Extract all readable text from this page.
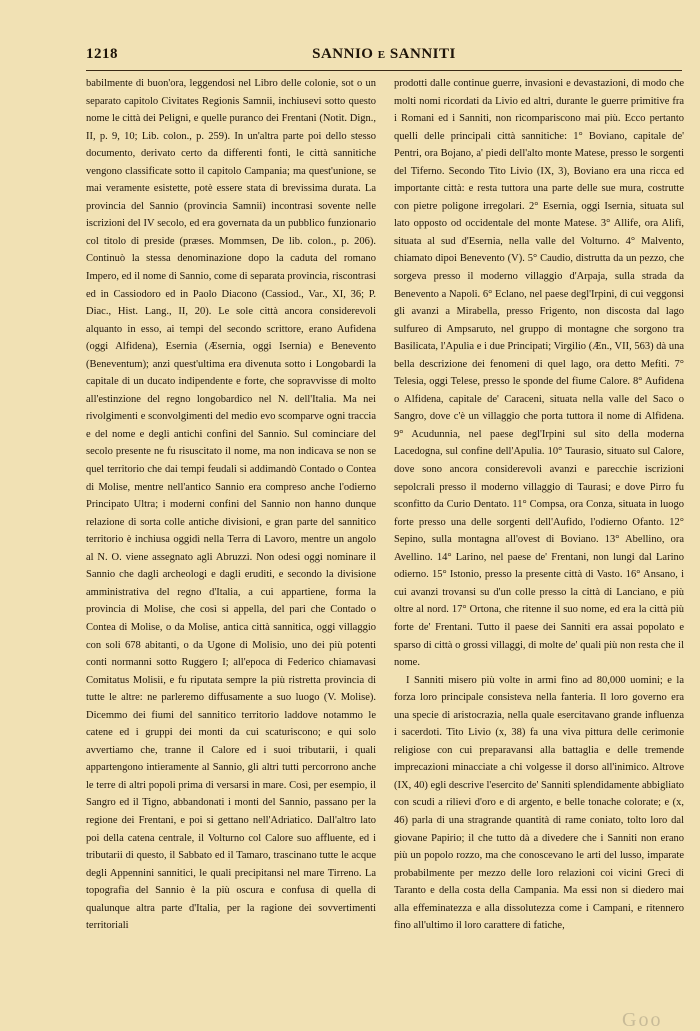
1218	SANNIO E SANNITI

babilmente di buon'ora, leggendosi nel Libro delle colonie, sot o un separato capitolo Civitates Regionis Samnii, inchiusevi sotto questo nome le città dei Peligni, e quelle puranco dei Frentani (Notit. Dign., II, p. 9, 10; Lib. colon., p. 259). In un'altra parte poi dello stesso documento, derivato certo da differenti fonti, le città sannitiche vengono classificate sotto il capitolo Campania; ma quest'unione, se mai veramente esistette, potè essere stata di brevissima durata. La provincia del Sannio (provincia Samnii) incontrasi sovente nelle iscrizioni del IV secolo, ed era governata da un pubblico funzionario col titolo di preside (præses. Mommsen, De lib. colon., p. 206). Continuò la stessa denominazione dopo la caduta del romano Impero, ed il nome di Sannio, come di separata provincia, riscontrasi ed in Cassiodoro ed in Paolo Diacono (Cassiod., Var., XI, 36; P. Diac., Hist. Lang., II, 20). Le sole città ancora considerevoli alquanto in esso, ai tempi del secondo scrittore, erano Aufidena (oggi Alfidena), Esernia (Æsernia, oggi Isernia) e Benevento (Beneventum); anzi quest'ultima era divenuta sotto i Longobardi la capitale di un ducato indipendente e forte, che sopravvisse di molto all'estinzione del regno longobardico nel N. dell'Italia. Ma nei rivolgimenti e sconvolgimenti del medio evo scomparve ogni traccia e del nome e degli antichi confini del Sannio. Sul cominciare del secolo presente ne fu risuscitato il nome, ma non indicava se non se quel territorio che dai tempi feudali si addimandò Contado o Contea di Molise, mentre nell'antico Sannio era compreso anche l'odierno Principato Ultra; i moderni confini del Sannio non hanno dunque relazione di sorta colle antiche divisioni, e gran parte del sannitico territorio è inchiusa oggidì nella Terra di Lavoro, mentre un angolo al N. O. viene assegnato agli Abruzzi. Non odesi oggi nominare il Sannio che dagli archeologi e dagli eruditi, e secondo la divisione amministrativa del regno d'Italia, a cui appartiene, forma la provincia di Molise, che così si appella, del pari che Contado o Contea di Molise, o da Molise, antica città sannitica, oggi villaggio con soli 678 abitanti, o da Ugone di Molisio, uno dei più potenti conti normanni sotto Ruggero I; all'epoca di Federico chiamavasi Comitatus Molisii, e fu riputata sempre la più ristretta provincia di tutte le altre: ne parleremo diffusamente a suo luogo (V. Molise). Dicemmo dei fiumi del sannitico territorio laddove notammo le catene ed i gruppi dei monti da cui scaturiscono; e qui solo avvertiamo che, tranne il Calore ed i suoi tributarii, i quali appartengono intieramente al Sannio, gli altri tutti percorrono anche le terre di altri popoli prima di versarsi in mare. Così, per esempio, il Sangro ed il Tigno, abbandonati i monti del Sannio, passano per la regione dei Frentani, e poi si gettano nell'Adriatico. Dall'altro lato poi della catena centrale, il Volturno col Calore suo affluente, ed i tributarii di questo, il Sabbato ed il Tamaro, trascinano tutte le acque degli Appennini sannitici, le quali precipitansi nel mare Tirreno. La topografia del Sannio è la più oscura e confusa di quella di qualunque altra parte d'Italia, per la ragione dei sovvertimenti territoriali

prodotti dalle continue guerre, invasioni e devastazioni, di modo che molti nomi ricordati da Livio ed altri, durante le guerre primitive fra i Romani ed i Sanniti, non ricompariscono mai più. Ecco pertanto quelli delle principali città sannitiche: 1° Boviano, capitale de' Pentri, ora Bojano, a' piedi dell'alto monte Matese, presso le sorgenti del Tiferno. Secondo Tito Livio (IX, 3), Boviano era una ricca ed importante città: e resta tuttora una parte delle sue mura, costrutte con pietre poligone irregolari. 2° Esernia, oggi Isernia, situata sul lato opposto od occidentale del monte Matese. 3° Allife, ora Alifi, situata al sud d'Esernia, nella valle del Volturno. 4° Malvento, chiamato dipoi Benevento (V). 5° Caudio, distrutta da un pezzo, che sorgeva presso il moderno villaggio d'Arpaja, sulla strada da Benevento a Napoli. 6° Eclano, nel paese degl'Irpini, di cui veggonsi gli avanzi a Mirabella, presso Frigento, non discosta dal lago sulfureo di Ampsaruto, nel gruppo di montagne che sorgono tra Basilicata, l'Apulia e i due Principati; Virgilio (Æn., VII, 563) dà una bella descrizione dei fenomeni di quel lago, ora detto Mefiti. 7° Telesia, oggi Telese, presso le sponde del fiume Calore. 8° Aufidena o Alfidena, capitale de' Caraceni, situata nella valle del Saco o Sangro, dove c'è un villaggio che porta tuttora il nome di Alfidena. 9° Acudunnia, nel paese degl'Irpini sul sito della moderna Lacedogna, sul confine dell'Apulia. 10° Taurasio, situato sul Calore, dove sono ancora considerevoli avanzi e parecchie iscrizioni sepolcrali presso il moderno villaggio di Taurasi; e dove Pirro fu sconfitto da Curio Dentato. 11° Compsa, ora Conza, situata in luogo forte presso una delle sorgenti dell'Aufido, l'odierno Ofanto. 12° Sepino, sulla montagna all'ovest di Boviano. 13° Abellino, ora Avellino. 14° Larino, nel paese de' Frentani, non lungi dal Larino odierno. 15° Istonio, presso la presente città di Vasto. 16° Ansano, i cui avanzi trovansi su d'un colle presso la città di Lanciano, e più oltre al nord. 17° Ortona, che ritenne il suo nome, ed era la città più forte de' Frentani. Tutto il paese dei Sanniti era assai popolato e sparso di città o grossi villaggi, di molte de' quali più non resta che il nome.

I Sanniti misero più volte in armi fino ad 80,000 uomini; e la forza loro principale consisteva nella fanteria. Il loro governo era una specie di aristocrazia, nella quale esercitavano grande influenza i sacerdoti. Tito Livio (x, 38) fa una viva pittura delle cerimonie religiose con cui preparavansi alla battaglia e delle tremende imprecazioni minacciate a chi volgesse il dorso all'inimico. Altrove (IX, 40) egli descrive l'esercito de' Sanniti splendidamente abbigliato con scudi a rilievi d'oro e di argento, e belle tonache colorate; e (x, 46) parla di una stragrande quantità di rame coniato, tolto loro dal giovane Papirio; il che tutto dà a divedere che i Sanniti non erano più un popolo rozzo, ma che conoscevano le arti del lusso, imparate probabilmente per mezzo delle loro relazioni coi vicini Greci di Taranto e della costa della Campania. Ma essi non si diedero mai alla effeminatezza e alla dissolutezza come i Campani, e ritennero fino all'ultimo il loro carattere di fatiche,

Goo
